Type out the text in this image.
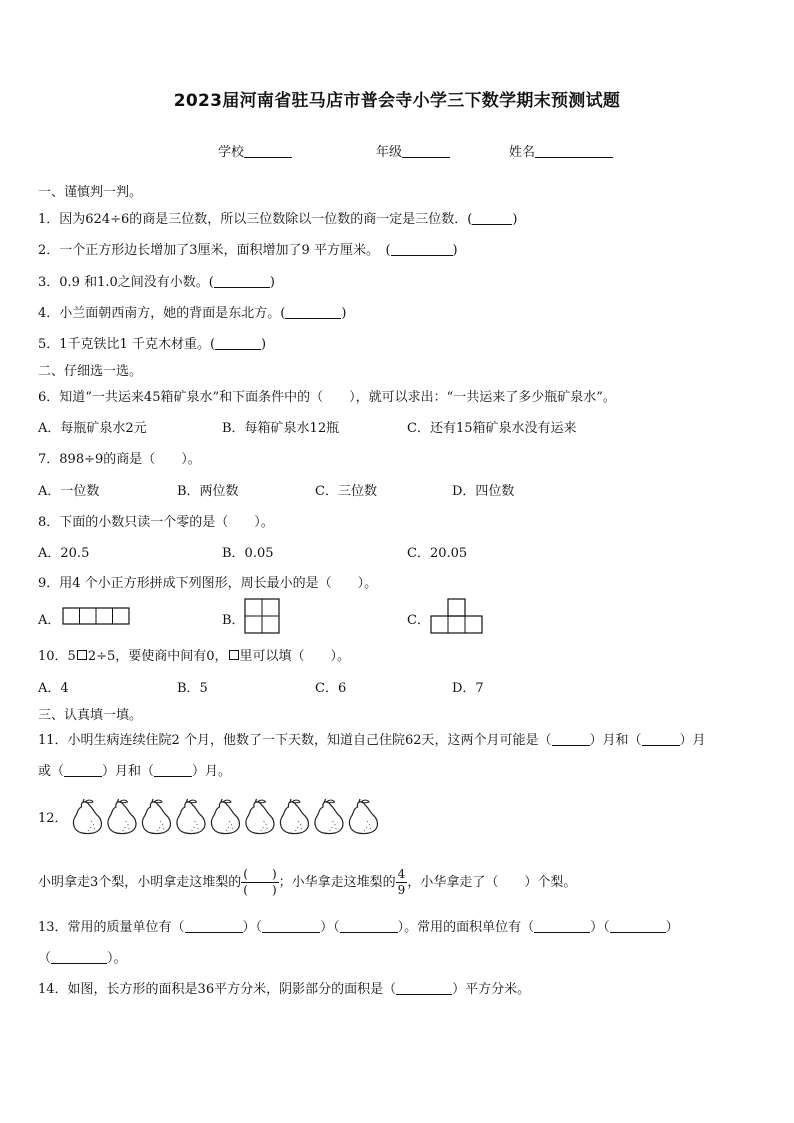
2023届河南省驻马店市普会寺小学三下数学期末预测试题
学校	年级	姓名
一、谨慎判一判。
1．因为624÷6的商是三位数，所以三位数除以一位数的商一定是三位数．(	)
2．一个正方形边长增加了3厘米，面积增加了9 平方厘米。　(	)
3．0.9 和1.0之间没有小数。(	)
4．小兰面朝西南方，她的背面是东北方。(	)
5．1千克铁比1 千克木材重。(	)
二、仔细选一选。
6．知道“一共运来45箱矿泉水”和下面条件中的（　　），就可以求出：“一共运来了多少瓶矿泉水”。
A．每瓶矿泉水2元	B．每箱矿泉水12瓶	C．还有15箱矿泉水没有运来
7．898÷9的商是（　　）。
A．一位数	B．两位数	C．三位数	D．四位数
8．下面的小数只读一个零的是（　　）。
A．20.5	B．0.05	C．20.05
9．用4 个小正方形拼成下列图形，周长最小的是（　　）。
A．	B．	C．
10．5 2÷5，要使商中间有0， 里可以填（　　）。
A．4	B．5	C．6	D．7
三、认真填一填。
11．小明生病连续住院2 个月，他数了一下天数，知道自己住院62天，这两个月可能是（	）月和（	）月
或（	）月和（	）月。
12．
小明拿走3个梨，小明拿走这堆梨的 $\frac{( )}{( )}$ ；小华拿走这堆梨的 $\frac{4}{9}$ ，小华拿走了（　　）个梨。
13．常用的质量单位有（	）（	）（	）。常用的面积单位有（	）（	）
（	）。
14．如图，长方形的面积是36平方分米，阴影部分的面积是（	）平方分米。
